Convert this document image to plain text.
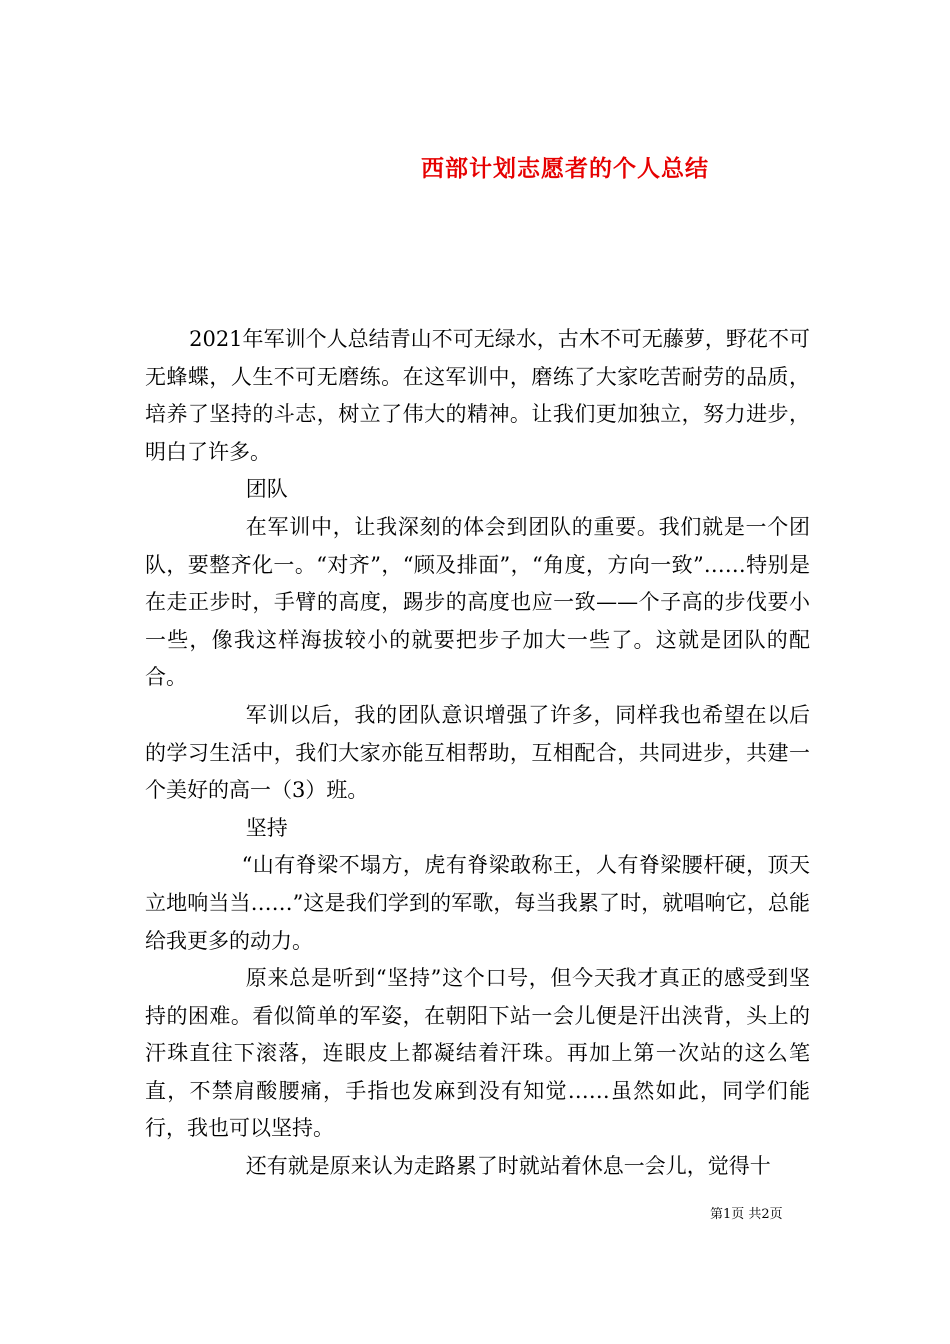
西部计划志愿者的个人总结

2021年军训个人总结青山不可无绿水，古木不可无藤萝，野花不可无蜂蝶，人生不可无磨练。在这军训中，磨练了大家吃苦耐劳的品质，培养了坚持的斗志，树立了伟大的精神。让我们更加独立，努力进步，明白了许多。

团队

在军训中，让我深刻的体会到团队的重要。我们就是一个团队，要整齐化一。“对齐”，“顾及排面”，“角度，方向一致”……特别是在走正步时，手臂的高度，踢步的高度也应一致——个子高的步伐要小一些，像我这样海拔较小的就要把步子加大一些了。这就是团队的配合。

军训以后，我的团队意识增强了许多，同样我也希望在以后的学习生活中，我们大家亦能互相帮助，互相配合，共同进步，共建一个美好的高一（3）班。

坚持

“山有脊梁不塌方，虎有脊梁敢称王，人有脊梁腰杆硬，顶天立地响当当……”这是我们学到的军歌，每当我累了时，就唱响它，总能给我更多的动力。

原来总是听到“坚持”这个口号，但今天我才真正的感受到坚持的困难。看似简单的军姿，在朝阳下站一会儿便是汗出浃背，头上的汗珠直往下滚落，连眼皮上都凝结着汗珠。再加上第一次站的这么笔直，不禁肩酸腰痛，手指也发麻到没有知觉……虽然如此，同学们能行，我也可以坚持。

还有就是原来认为走路累了时就站着休息一会儿，觉得十

第1页 共2页
